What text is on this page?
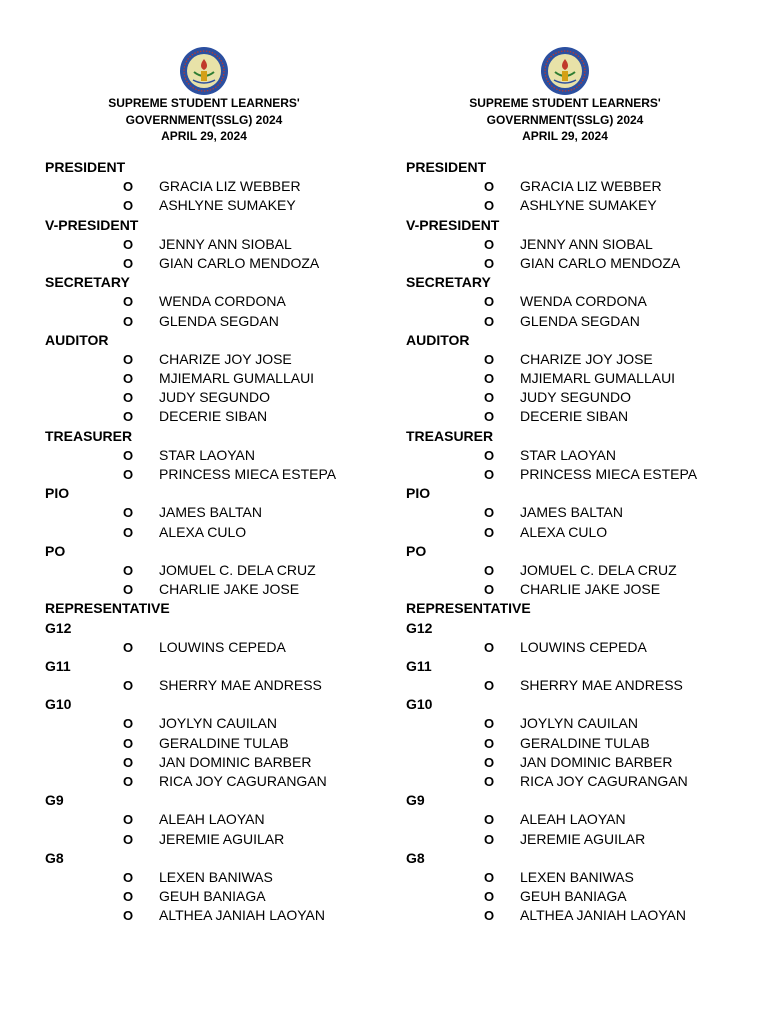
SUPREME STUDENT LEARNERS'
GOVERNMENT(SSLG) 2024
APRIL 29, 2024
PRESIDENT
O GRACIA LIZ WEBBER
O ASHLYNE SUMAKEY
V-PRESIDENT
O JENNY ANN SIOBAL
O GIAN CARLO MENDOZA
SECRETARY
O WENDA CORDONA
O GLENDA SEGDAN
AUDITOR
O CHARIZE JOY JOSE
O MJIEMARL GUMALLAUI
O JUDY SEGUNDO
O DECERIE SIBAN
TREASURER
O STAR LAOYAN
O PRINCESS MIECA ESTEPA
PIO
O JAMES BALTAN
O ALEXA CULO
PO
O JOMUEL C. DELA CRUZ
O CHARLIE JAKE JOSE
REPRESENTATIVE
G12
O LOUWINS CEPEDA
G11
O SHERRY MAE ANDRESS
G10
O JOYLYN CAUILAN
O GERALDINE TULAB
O JAN DOMINIC BARBER
O RICA JOY CAGURANGAN
G9
O ALEAH LAOYAN
O JEREMIE AGUILAR
G8
O LEXEN BANIWAS
O GEUH BANIAGA
O ALTHEA JANIAH LAOYAN
SUPREME STUDENT LEARNERS'
GOVERNMENT(SSLG) 2024
APRIL 29, 2024
PRESIDENT
O GRACIA LIZ WEBBER
O ASHLYNE SUMAKEY
V-PRESIDENT
O JENNY ANN SIOBAL
O GIAN CARLO MENDOZA
SECRETARY
O WENDA CORDONA
O GLENDA SEGDAN
AUDITOR
O CHARIZE JOY JOSE
O MJIEMARL GUMALLAUI
O JUDY SEGUNDO
O DECERIE SIBAN
TREASURER
O STAR LAOYAN
O PRINCESS MIECA ESTEPA
PIO
O JAMES BALTAN
O ALEXA CULO
PO
O JOMUEL C. DELA CRUZ
O CHARLIE JAKE JOSE
REPRESENTATIVE
G12
O LOUWINS CEPEDA
G11
O SHERRY MAE ANDRESS
G10
O JOYLYN CAUILAN
O GERALDINE TULAB
O JAN DOMINIC BARBER
O RICA JOY CAGURANGAN
G9
O ALEAH LAOYAN
O JEREMIE AGUILAR
G8
O LEXEN BANIWAS
O GEUH BANIAGA
O ALTHEA JANIAH LAOYAN
